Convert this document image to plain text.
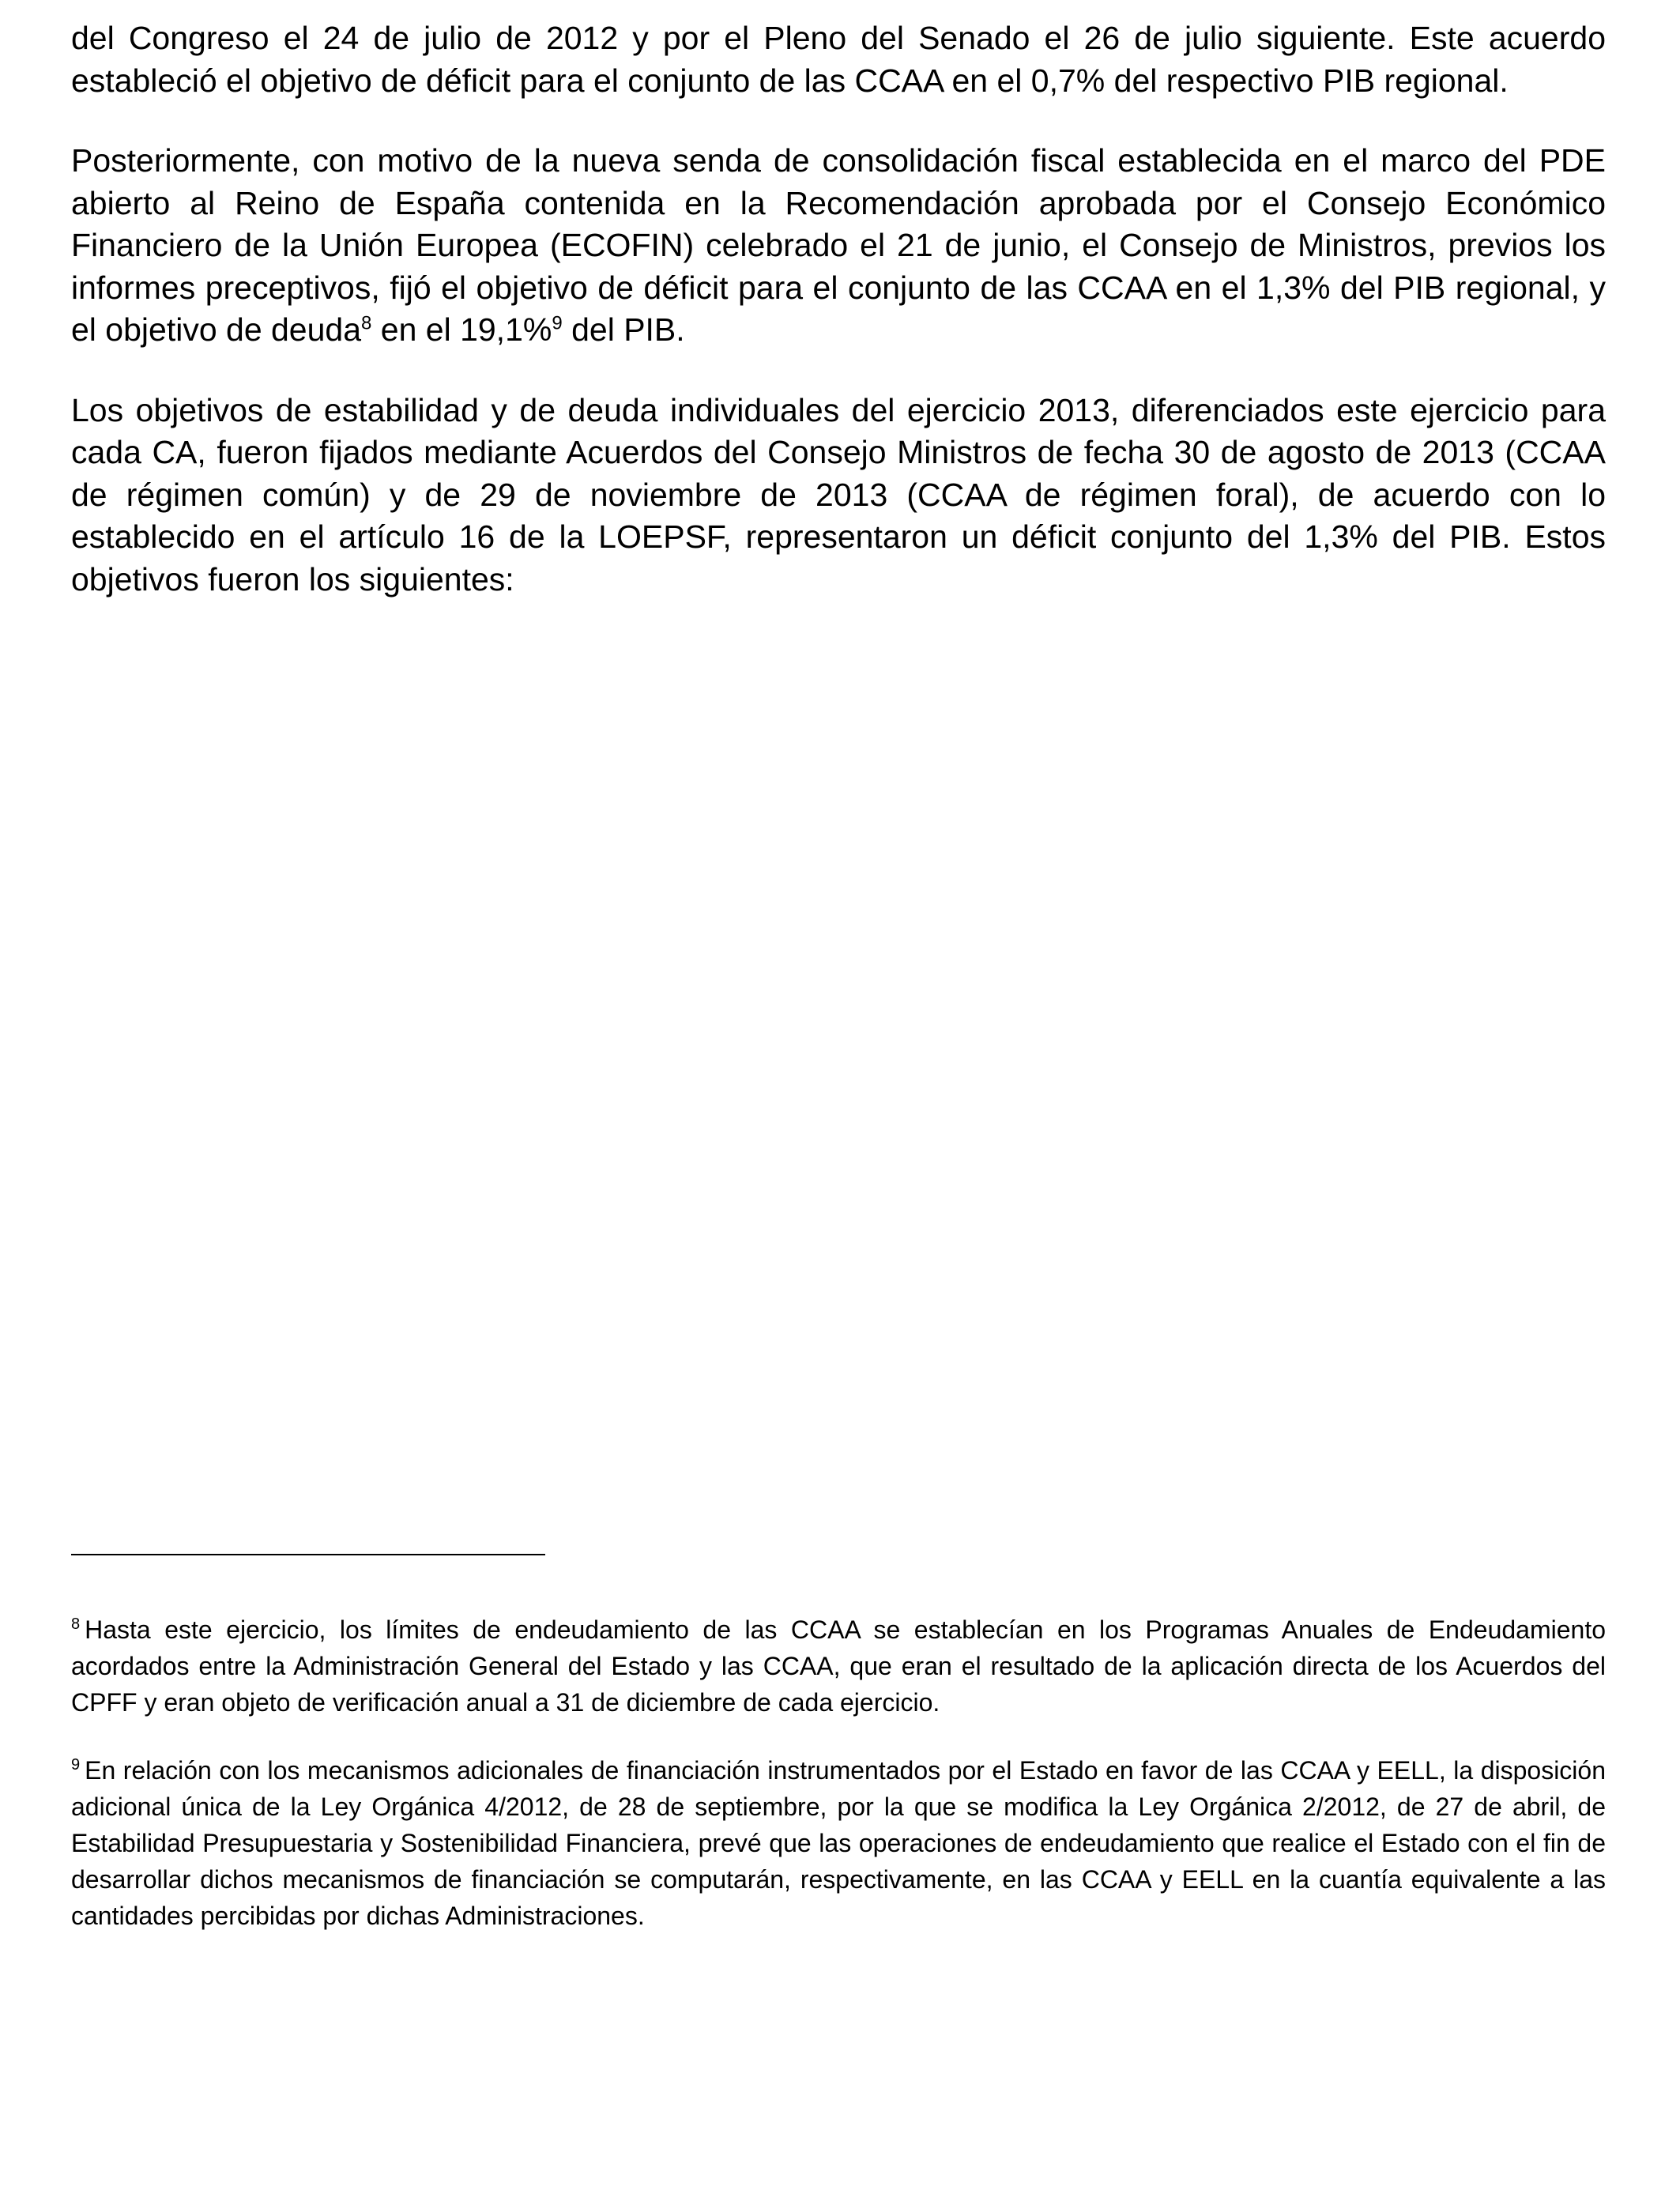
del Congreso el 24 de julio de 2012 y por el Pleno del Senado el 26 de julio siguiente. Este acuerdo estableció el objetivo de déficit para el conjunto de las CCAA en el 0,7% del respectivo PIB regional.

Posteriormente, con motivo de la nueva senda de consolidación fiscal establecida en el marco del PDE abierto al Reino de España contenida en la Recomendación aprobada por el Consejo Económico Financiero de la Unión Europea (ECOFIN) celebrado el 21 de junio, el Consejo de Ministros, previos los informes preceptivos, fijó el objetivo de déficit para el conjunto de las CCAA en el 1,3% del PIB regional, y el objetivo de deuda$^8$ en el 19,1%$^9$ del PIB.

Los objetivos de estabilidad y de deuda individuales del ejercicio 2013, diferenciados este ejercicio para cada CA, fueron fijados mediante Acuerdos del Consejo Ministros de fecha 30 de agosto de 2013 (CCAA de régimen común) y de 29 de noviembre de 2013 (CCAA de régimen foral), de acuerdo con lo establecido en el artículo 16 de la LOEPSF, representaron un déficit conjunto del 1,3% del PIB. Estos objetivos fueron los siguientes:

$^8$ Hasta este ejercicio, los límites de endeudamiento de las CCAA se establecían en los Programas Anuales de Endeudamiento acordados entre la Administración General del Estado y las CCAA, que eran el resultado de la aplicación directa de los Acuerdos del CPFF y eran objeto de verificación anual a 31 de diciembre de cada ejercicio.

$^9$ En relación con los mecanismos adicionales de financiación instrumentados por el Estado en favor de las CCAA y EELL, la disposición adicional única de la Ley Orgánica 4/2012, de 28 de septiembre, por la que se modifica la Ley Orgánica 2/2012, de 27 de abril, de Estabilidad Presupuestaria y Sostenibilidad Financiera, prevé que las operaciones de endeudamiento que realice el Estado con el fin de desarrollar dichos mecanismos de financiación se computarán, respectivamente, en las CCAA y EELL en la cuantía equivalente a las cantidades percibidas por dichas Administraciones.
